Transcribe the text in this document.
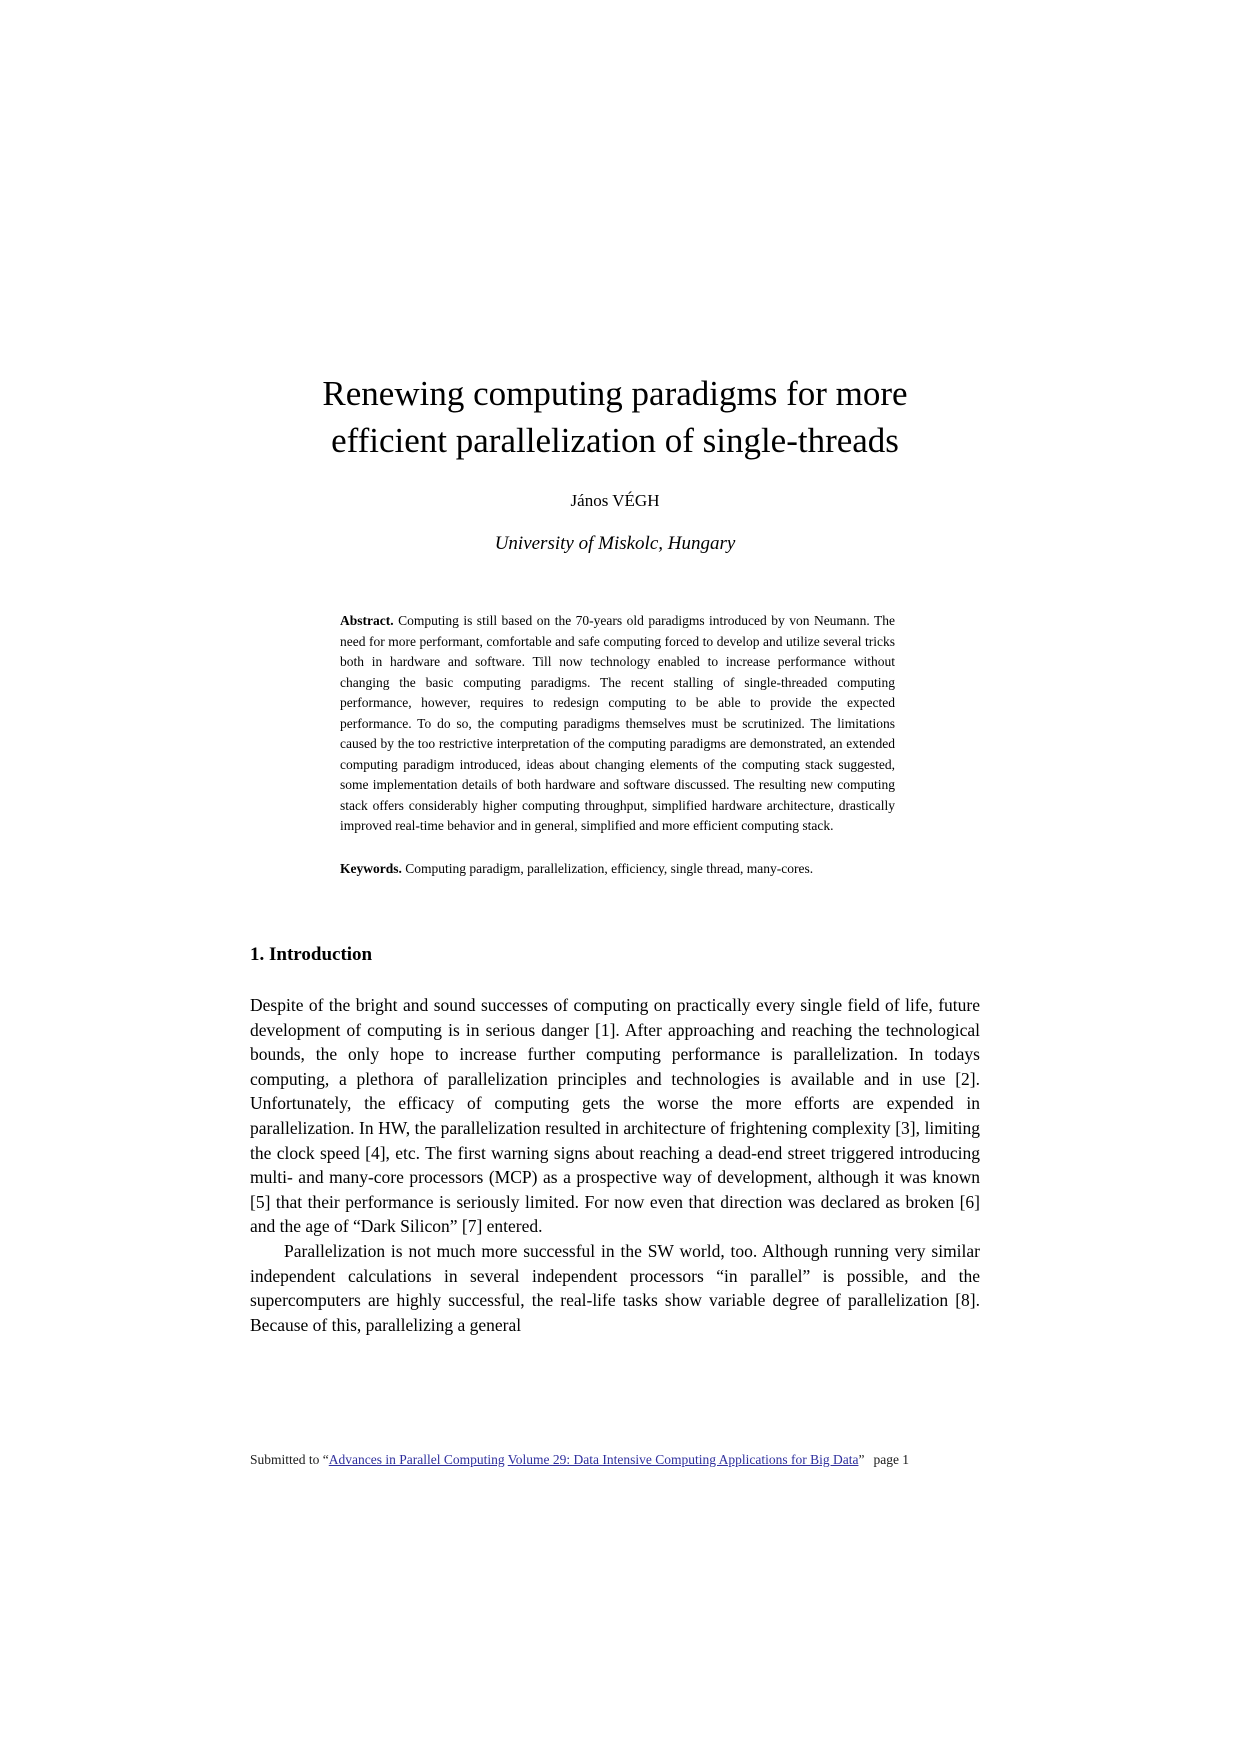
Renewing computing paradigms for more
efficient parallelization of single-threads
János VÉGH
University of Miskolc, Hungary

Abstract. Computing is still based on the 70-years old paradigms introduced by von Neumann. The need for more performant, comfortable and safe computing forced to develop and utilize several tricks both in hardware and software. Till now technology enabled to increase performance without changing the basic computing paradigms. The recent stalling of single-threaded computing performance, however, requires to redesign computing to be able to provide the expected performance. To do so, the computing paradigms themselves must be scrutinized. The limitations caused by the too restrictive interpretation of the computing paradigms are demonstrated, an extended computing paradigm introduced, ideas about changing elements of the computing stack suggested, some implementation details of both hardware and software discussed. The resulting new computing stack offers considerably higher computing throughput, simplified hardware architecture, drastically improved real-time behavior and in general, simplified and more efficient computing stack.

Keywords. Computing paradigm, parallelization, efficiency, single thread, many-cores.

1. Introduction

Despite of the bright and sound successes of computing on practically every single field of life, future development of computing is in serious danger [1]. After approaching and reaching the technological bounds, the only hope to increase further computing performance is parallelization. In todays computing, a plethora of parallelization principles and technologies is available and in use [2]. Unfortunately, the efficacy of computing gets the worse the more efforts are expended in parallelization. In HW, the parallelization resulted in architecture of frightening complexity [3], limiting the clock speed [4], etc. The first warning signs about reaching a dead-end street triggered introducing multi- and many-core processors (MCP) as a prospective way of development, although it was known [5] that their performance is seriously limited. For now even that direction was declared as broken [6] and the age of “Dark Silicon” [7] entered.

Parallelization is not much more successful in the SW world, too. Although running very similar independent calculations in several independent processors “in parallel” is possible, and the supercomputers are highly successful, the real-life tasks show variable degree of parallelization [8]. Because of this, parallelizing a general

Submitted to “Advances in Parallel Computing Volume 29: Data Intensive Computing Applications for Big Data” page 1
